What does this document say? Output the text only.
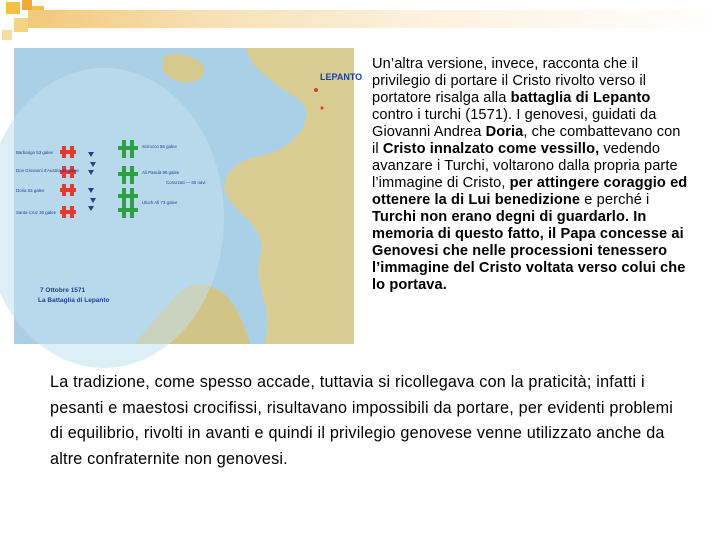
Barbarigo 53 galee
Don Giovanni d'Austria 62 galee
Doria 53 galee
Santa Cruz 30 galee
Scirocco 56 galee
Ali Pascià 96 galee
Uluch Alì 73 galee
Corazzati — 65 navi
LEPANTO
7 Ottobre 1571
La Battaglia di Lepanto
Un’altra versione, invece, racconta che il privilegio di portare il Cristo rivolto verso il portatore risalga alla battaglia di Lepanto contro i turchi (1571). I genovesi, guidati da Giovanni Andrea Doria, che combattevano con il Cristo innalzato come vessillo, vedendo avanzare i Turchi, voltarono dalla propria parte l’immagine di Cristo, per attingere coraggio ed ottenere la di Lui benedizione e perché i Turchi non erano degni di guardarlo. In memoria di questo fatto, il Papa concesse ai Genovesi che nelle processioni tenessero l’immagine del Cristo voltata verso colui che lo portava.
La tradizione, come spesso accade, tuttavia si ricollegava con la praticità; infatti i pesanti e maestosi crocifissi, risultavano impossibili da portare, per evidenti problemi di equilibrio, rivolti in avanti e quindi il privilegio genovese venne utilizzato anche da altre confraternite non genovesi.
